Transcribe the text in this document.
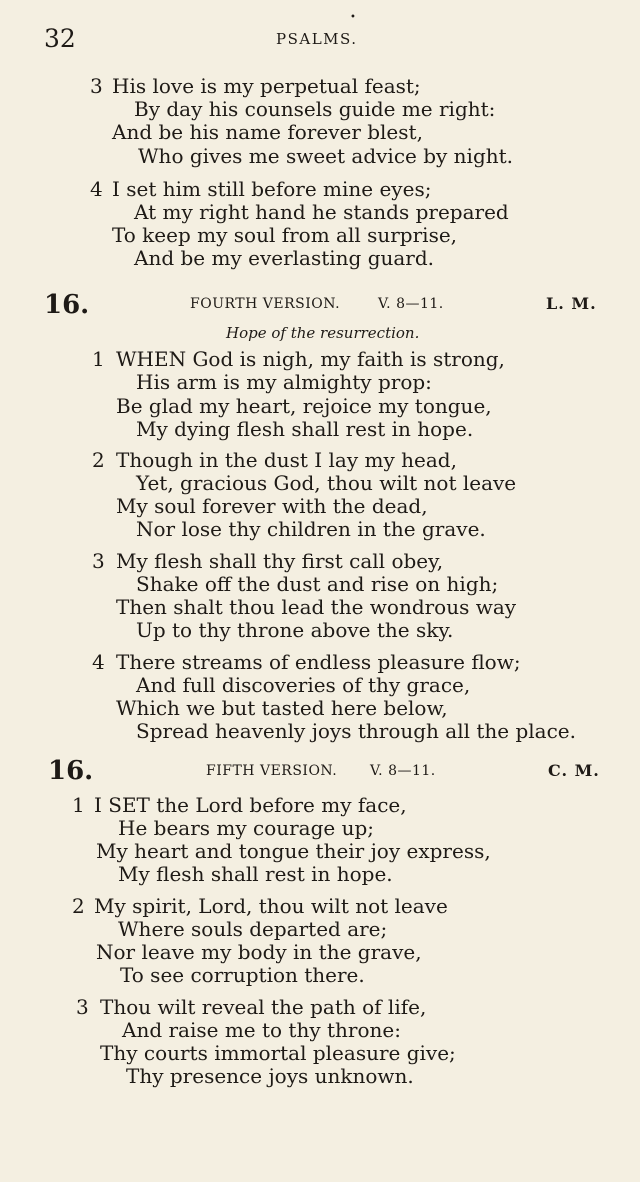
•
32	PSALMS.
3 His love is my perpetual feast;
By day his counsels guide me right:
And be his name forever blest,
Who gives me sweet advice by night.
4 I set him still before mine eyes;
At my right hand he stands prepared
To keep my soul from all surprise,
And be my everlasting guard.
16.	FOURTH VERSION.	V. 8—11.	L. M.
Hope of the resurrection.
1 WHEN God is nigh, my faith is strong,
His arm is my almighty prop:
Be glad my heart, rejoice my tongue,
My dying flesh shall rest in hope.
2 Though in the dust I lay my head,
Yet, gracious God, thou wilt not leave
My soul forever with the dead,
Nor lose thy children in the grave.
3 My flesh shall thy first call obey,
Shake off the dust and rise on high;
Then shalt thou lead the wondrous way
Up to thy throne above the sky.
4 There streams of endless pleasure flow;
And full discoveries of thy grace,
Which we but tasted here below,
Spread heavenly joys through all the place.
16.	FIFTH VERSION. V. 8—11.	C. M.
1 I SET the Lord before my face,
He bears my courage up;
My heart and tongue their joy express,
My flesh shall rest in hope.
2 My spirit, Lord, thou wilt not leave
Where souls departed are;
Nor leave my body in the grave,
To see corruption there.
3 Thou wilt reveal the path of life,
And raise me to thy throne:
Thy courts immortal pleasure give;
Thy presence joys unknown.
